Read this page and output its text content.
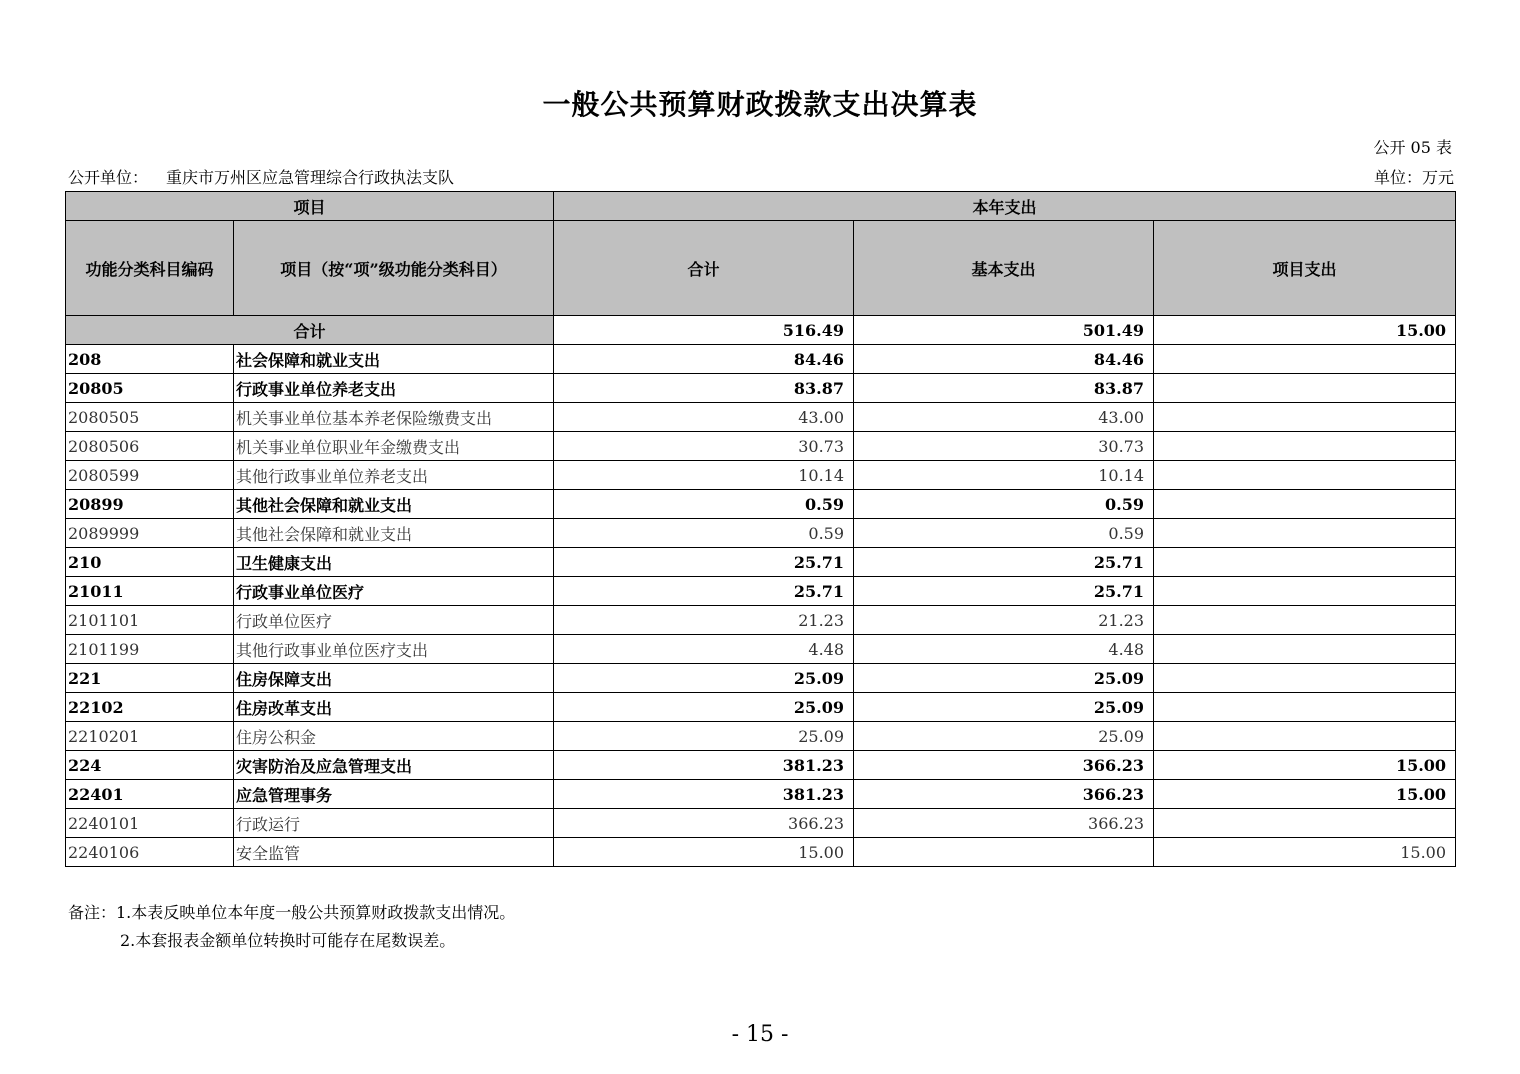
一般公共预算财政拨款支出决算表
公开 05 表
公开单位： 重庆市万州区应急管理综合行政执法支队	单位：万元
项目		本年支出		
功能分类科目编码	项目（按“项”级功能分类科目）	合计	基本支出	项目支出
合计		516.49	501.49	15.00
208	社会保障和就业支出	84.46	84.46	
20805	行政事业单位养老支出	83.87	83.87	
2080505	机关事业单位基本养老保险缴费支出	43.00	43.00	
2080506	机关事业单位职业年金缴费支出	30.73	30.73	
2080599	其他行政事业单位养老支出	10.14	10.14	
20899	其他社会保障和就业支出	0.59	0.59	
2089999	其他社会保障和就业支出	0.59	0.59	
210	卫生健康支出	25.71	25.71	
21011	行政事业单位医疗	25.71	25.71	
2101101	行政单位医疗	21.23	21.23	
2101199	其他行政事业单位医疗支出	4.48	4.48	
221	住房保障支出	25.09	25.09	
22102	住房改革支出	25.09	25.09	
2210201	住房公积金	25.09	25.09	
224	灾害防治及应急管理支出	381.23	366.23	15.00
22401	应急管理事务	381.23	366.23	15.00
2240101	行政运行	366.23	366.23	
2240106	安全监管	15.00		15.00
备注：1.本表反映单位本年度一般公共预算财政拨款支出情况。
2.本套报表金额单位转换时可能存在尾数误差。
- 15 -
